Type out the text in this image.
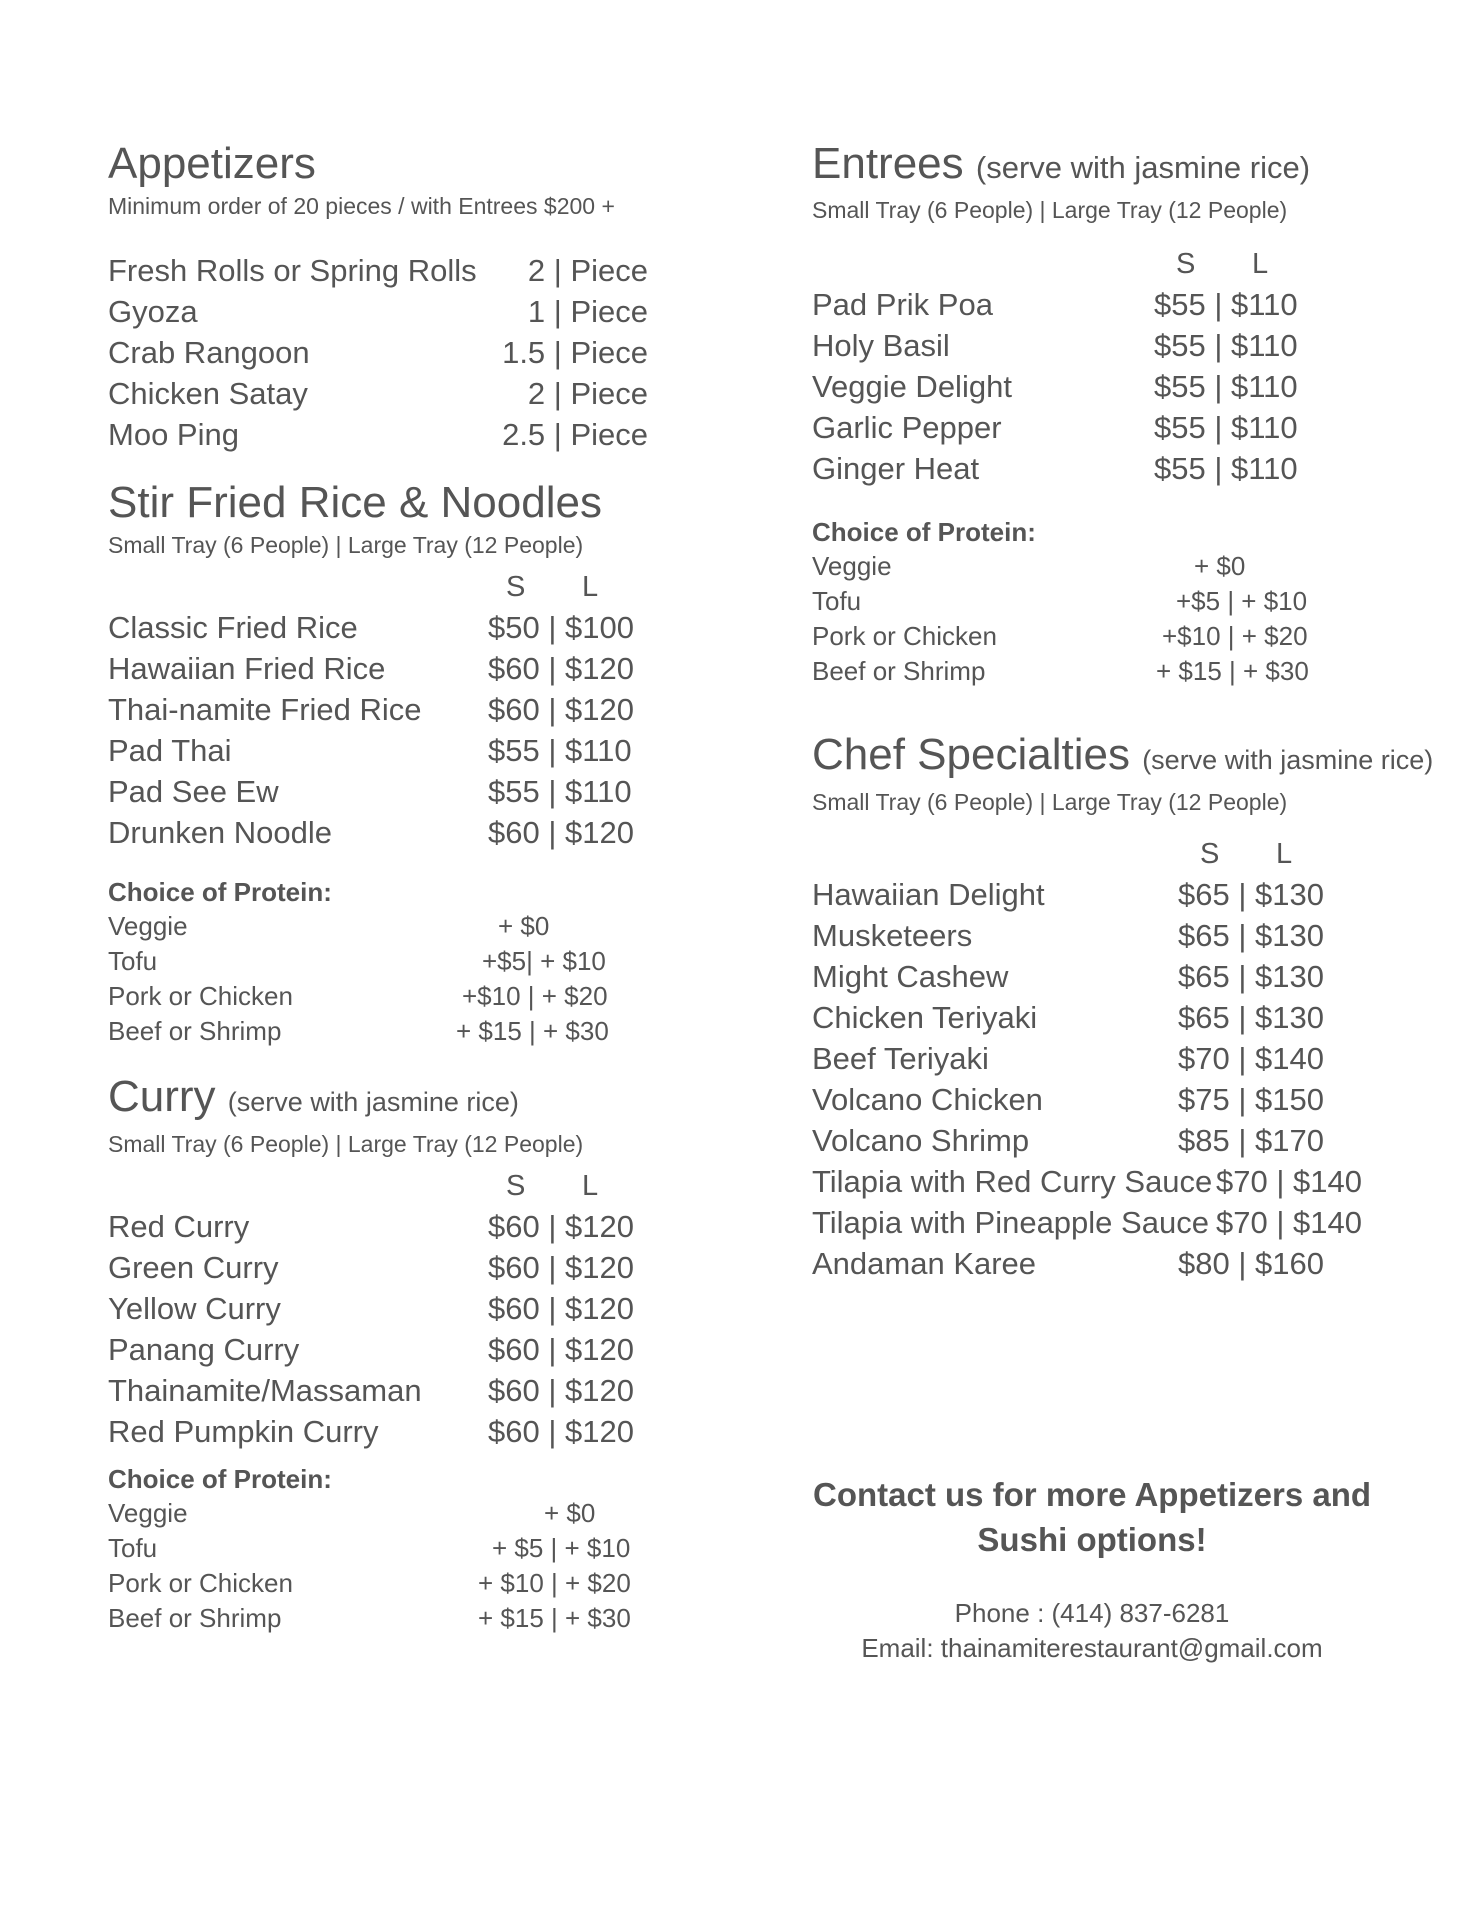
Appetizers

Minimum order of 20 pieces / with Entrees $200 +

Fresh Rolls or Spring Rolls 2 | Piece
Gyoza	1 | Piece
Crab Rangoon	1.5 | Piece
Chicken Satay	2 | Piece
Moo Ping	2.5 | Piece
Stir Fried Rice & Noodles

Small Tray (6 People) | Large Tray (12 People)

S L
Classic Fried Rice	$50 | $100
Hawaiian Fried Rice	$60 | $120
Thai-namite Fried Rice $60 | $120
Pad Thai	$55 | $110
Pad See Ew	$55 | $110
Drunken Noodle	$60 | $120

Choice of Protein:

Veggie	+ $0
Tofu	+$5| + $10
Pork or Chicken	+$10 | + $20
Beef or Shrimp	+ $15 | + $30
Curry (serve with jasmine rice)

Small Tray (6 People) | Large Tray (12 People)

S L
Red Curry	$60 | $120
Green Curry	$60 | $120
Yellow Curry	$60 | $120
Panang Curry	$60 | $120
Thainamite/Massaman $60 | $120
Red Pumpkin Curry	$60 | $120

Choice of Protein:

Veggie	+ $0
Tofu	+ $5 | + $10
Pork or Chicken	+ $10 | + $20
Beef or Shrimp	+ $15 | + $30
Entrees (serve with jasmine rice)

Small Tray (6 People) | Large Tray (12 People)

S L
Pad Prik Poa	$55 | $110
Holy Basil	$55 | $110
Veggie Delight	$55 | $110
Garlic Pepper	$55 | $110
Ginger Heat	$55 | $110

Choice of Protein:

Veggie	+ $0
Tofu	+$5 | + $10
Pork or Chicken	+$10 | + $20
Beef or Shrimp	+ $15 | + $30
Chef Specialties (serve with jasmine rice)

Small Tray (6 People) | Large Tray (12 People)

S L
Hawaiian Delight	$65 | $130
Musketeers	$65 | $130
Might Cashew	$65 | $130
Chicken Teriyaki	$65 | $130
Beef Teriyaki	$70 | $140
Volcano Chicken	$75 | $150
Volcano Shrimp	$85 | $170
Tilapia with Red Curry Sauce $70 | $140
Tilapia with Pineapple Sauce $70 | $140
Andaman Karee	$80 | $160
Contact us for more Appetizers and
Sushi options!
Phone : (414) 837-6281
Email: thainamiterestaurant@gmail.com
